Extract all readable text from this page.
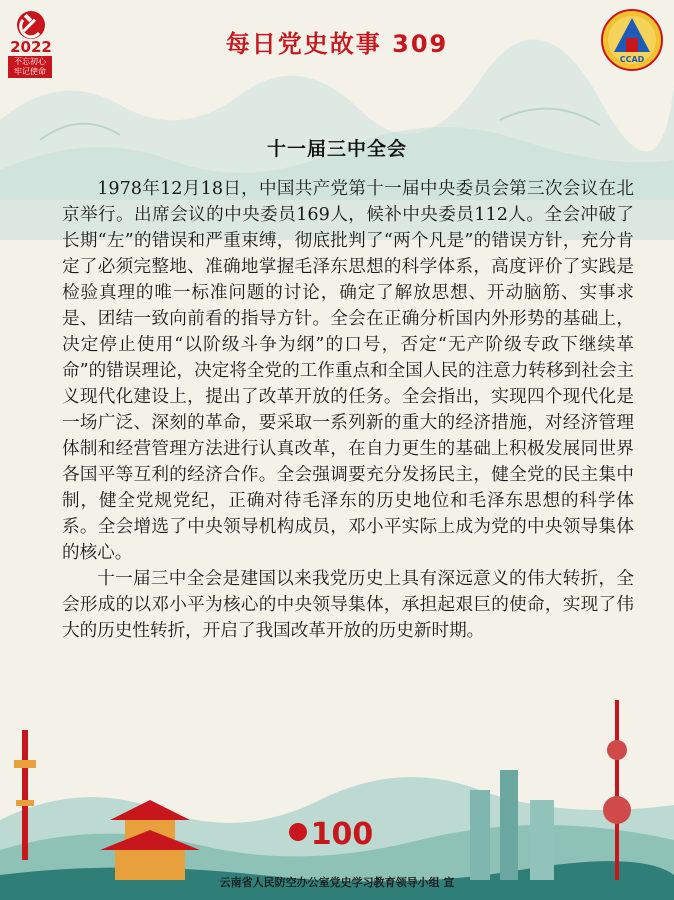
2022
不忘初心
牢记使命
每日党史故事 309
CCAD
十一届三中全会

1978年12月18日，中国共产党第十一届中央委员会第三次会议在北京举行。出席会议的中央委员169人，候补中央委员112人。全会冲破了长期“左”的错误和严重束缚，彻底批判了“两个凡是”的错误方针，充分肯定了必须完整地、准确地掌握毛泽东思想的科学体系，高度评价了实践是检验真理的唯一标准问题的讨论，确定了解放思想、开动脑筋、实事求是、团结一致向前看的指导方针。全会在正确分析国内外形势的基础上，决定停止使用“以阶级斗争为纲”的口号，否定“无产阶级专政下继续革命”的错误理论，决定将全党的工作重点和全国人民的注意力转移到社会主义现代化建设上，提出了改革开放的任务。全会指出，实现四个现代化是一场广泛、深刻的革命，要采取一系列新的重大的经济措施，对经济管理体制和经营管理方法进行认真改革，在自力更生的基础上积极发展同世界各国平等互利的经济合作。全会强调要充分发扬民主，健全党的民主集中制，健全党规党纪，正确对待毛泽东的历史地位和毛泽东思想的科学体系。全会增选了中央领导机构成员，邓小平实际上成为党的中央领导集体的核心。

十一届三中全会是建国以来我党历史上具有深远意义的伟大转折，全会形成的以邓小平为核心的中央领导集体，承担起艰巨的使命，实现了伟大的历史性转折，开启了我国改革开放的历史新时期。

100
云南省人民防空办公室党史学习教育领导小组 宣
